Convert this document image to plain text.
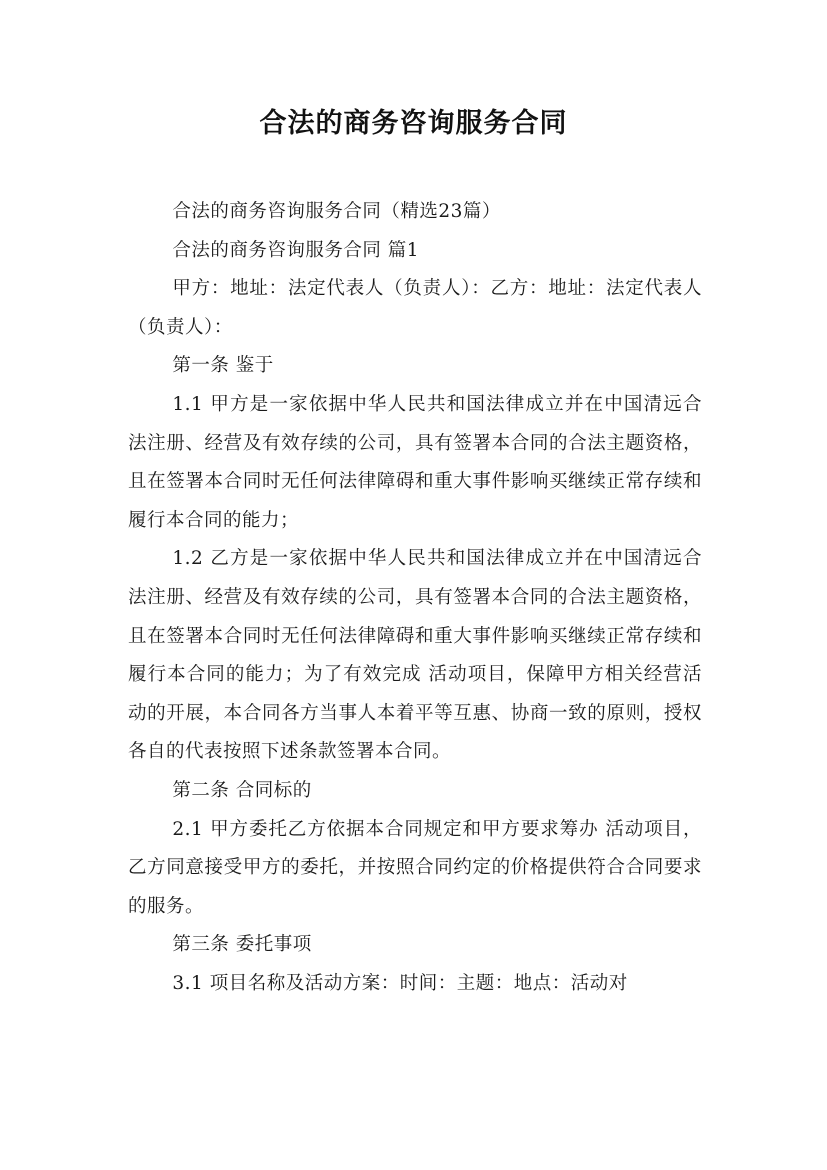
合法的商务咨询服务合同

合法的商务咨询服务合同（精选23篇）

合法的商务咨询服务合同 篇1

甲方：地址：法定代表人（负责人）：乙方：地址：法定代表人（负责人）：

第一条 鉴于

1.1 甲方是一家依据中华人民共和国法律成立并在中国清远合法注册、经营及有效存续的公司，具有签署本合同的合法主题资格，且在签署本合同时无任何法律障碍和重大事件影响买继续正常存续和履行本合同的能力；

1.2 乙方是一家依据中华人民共和国法律成立并在中国清远合法注册、经营及有效存续的公司，具有签署本合同的合法主题资格，且在签署本合同时无任何法律障碍和重大事件影响买继续正常存续和履行本合同的能力；为了有效完成 活动项目，保障甲方相关经营活动的开展，本合同各方当事人本着平等互惠、协商一致的原则，授权各自的代表按照下述条款签署本合同。

第二条 合同标的

2.1 甲方委托乙方依据本合同规定和甲方要求筹办 活动项目，乙方同意接受甲方的委托，并按照合同约定的价格提供符合合同要求的服务。

第三条 委托事项

3.1 项目名称及活动方案：时间：主题：地点：活动对
